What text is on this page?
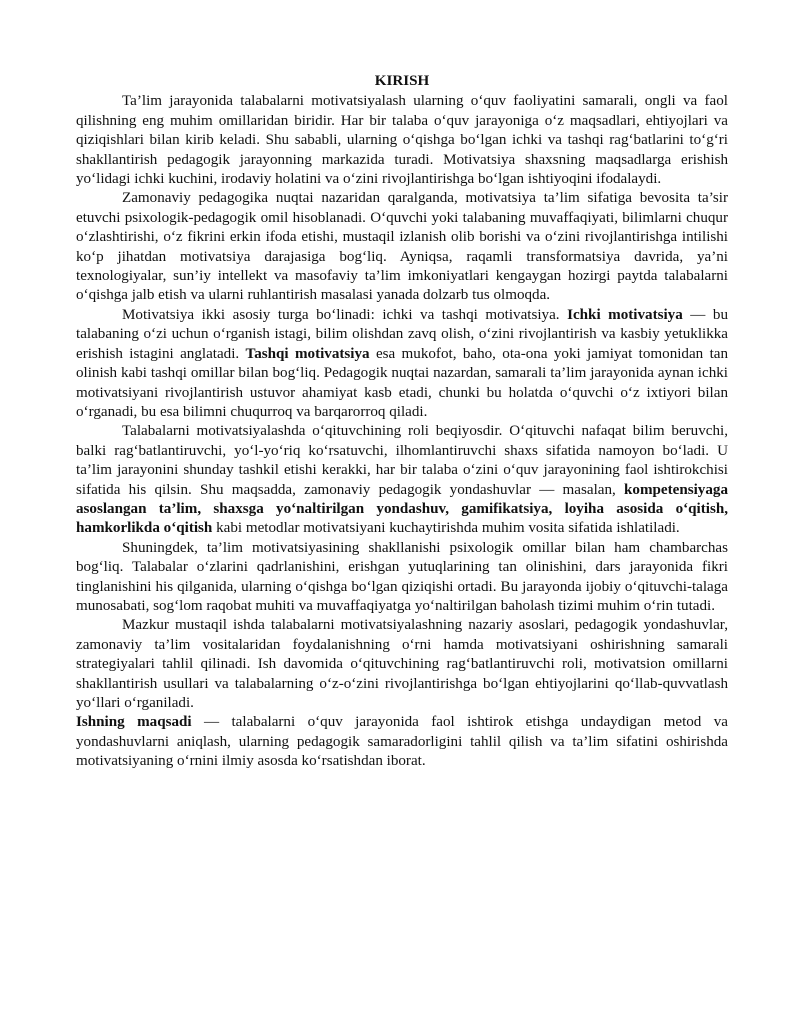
KIRISH

Ta’lim jarayonida talabalarni motivatsiyalash ularning o‘quv faoliyatini samarali, ongli va faol qilishning eng muhim omillaridan biridir. Har bir talaba o‘quv jarayoniga o‘z maqsadlari, ehtiyojlari va qiziqishlari bilan kirib keladi. Shu sababli, ularning o‘qishga bo‘lgan ichki va tashqi rag‘batlarini to‘g‘ri shakllantirish pedagogik jarayonning markazida turadi. Motivatsiya shaxsning maqsadlarga erishish yo‘lidagi ichki kuchini, irodaviy holatini va o‘zini rivojlantirishga bo‘lgan ishtiyoqini ifodalaydi.

Zamonaviy pedagogika nuqtai nazaridan qaralganda, motivatsiya ta’lim sifatiga bevosita ta’sir etuvchi psixologik-pedagogik omil hisoblanadi. O‘quvchi yoki talabaning muvaffaqiyati, bilimlarni chuqur o‘zlashtirishi, o‘z fikrini erkin ifoda etishi, mustaqil izlanish olib borishi va o‘zini rivojlantirishga intilishi ko‘p jihatdan motivatsiya darajasiga bog‘liq. Ayniqsa, raqamli transformatsiya davrida, ya’ni texnologiyalar, sun’iy intellekt va masofaviy ta’lim imkoniyatlari kengaygan hozirgi paytda talabalarni o‘qishga jalb etish va ularni ruhlantirish masalasi yanada dolzarb tus olmoqda.

Motivatsiya ikki asosiy turga bo‘linadi: ichki va tashqi motivatsiya. Ichki motivatsiya — bu talabaning o‘zi uchun o‘rganish istagi, bilim olishdan zavq olish, o‘zini rivojlantirish va kasbiy yetuklikka erishish istagini anglatadi. Tashqi motivatsiya esa mukofot, baho, ota-ona yoki jamiyat tomonidan tan olinish kabi tashqi omillar bilan bog‘liq. Pedagogik nuqtai nazardan, samarali ta’lim jarayonida aynan ichki motivatsiyani rivojlantirish ustuvor ahamiyat kasb etadi, chunki bu holatda o‘quvchi o‘z ixtiyori bilan o‘rganadi, bu esa bilimni chuqurroq va barqarorroq qiladi.

Talabalarni motivatsiyalashda o‘qituvchining roli beqiyosdir. O‘qituvchi nafaqat bilim beruvchi, balki rag‘batlantiruvchi, yo‘l-yo‘riq ko‘rsatuvchi, ilhomlantiruvchi shaxs sifatida namoyon bo‘ladi. U ta’lim jarayonini shunday tashkil etishi kerakki, har bir talaba o‘zini o‘quv jarayonining faol ishtirokchisi sifatida his qilsin. Shu maqsadda, zamonaviy pedagogik yondashuvlar — masalan, kompetensiyaga asoslangan ta’lim, shaxsga yo‘naltirilgan yondashuv, gamifikatsiya, loyiha asosida o‘qitish, hamkorlikda o‘qitish kabi metodlar motivatsiyani kuchaytirishda muhim vosita sifatida ishlatiladi.

Shuningdek, ta’lim motivatsiyasining shakllanishi psixologik omillar bilan ham chambarchas bog‘liq. Talabalar o‘zlarini qadrlanishini, erishgan yutuqlarining tan olinishini, dars jarayonida fikri tinglanishini his qilganida, ularning o‘qishga bo‘lgan qiziqishi ortadi. Bu jarayonda ijobiy o‘qituvchi-talaga munosabati, sog‘lom raqobat muhiti va muvaffaqiyatga yo‘naltirilgan baholash tizimi muhim o‘rin tutadi.

Mazkur mustaqil ishda talabalarni motivatsiyalashning nazariy asoslari, pedagogik yondashuvlar, zamonaviy ta’lim vositalaridan foydalanishning o‘rni hamda motivatsiyani oshirishning samarali strategiyalari tahlil qilinadi. Ish davomida o‘qituvchining rag‘batlantiruvchi roli, motivatsion omillarni shakllantirish usullari va talabalarning o‘z-o‘zini rivojlantirishga bo‘lgan ehtiyojlarini qo‘llab-quvvatlash yo‘llari o‘rganiladi.

Ishning maqsadi — talabalarni o‘quv jarayonida faol ishtirok etishga undaydigan metod va yondashuvlarni aniqlash, ularning pedagogik samaradorligini tahlil qilish va ta’lim sifatini oshirishda motivatsiyaning o‘rnini ilmiy asosda ko‘rsatishdan iborat.
